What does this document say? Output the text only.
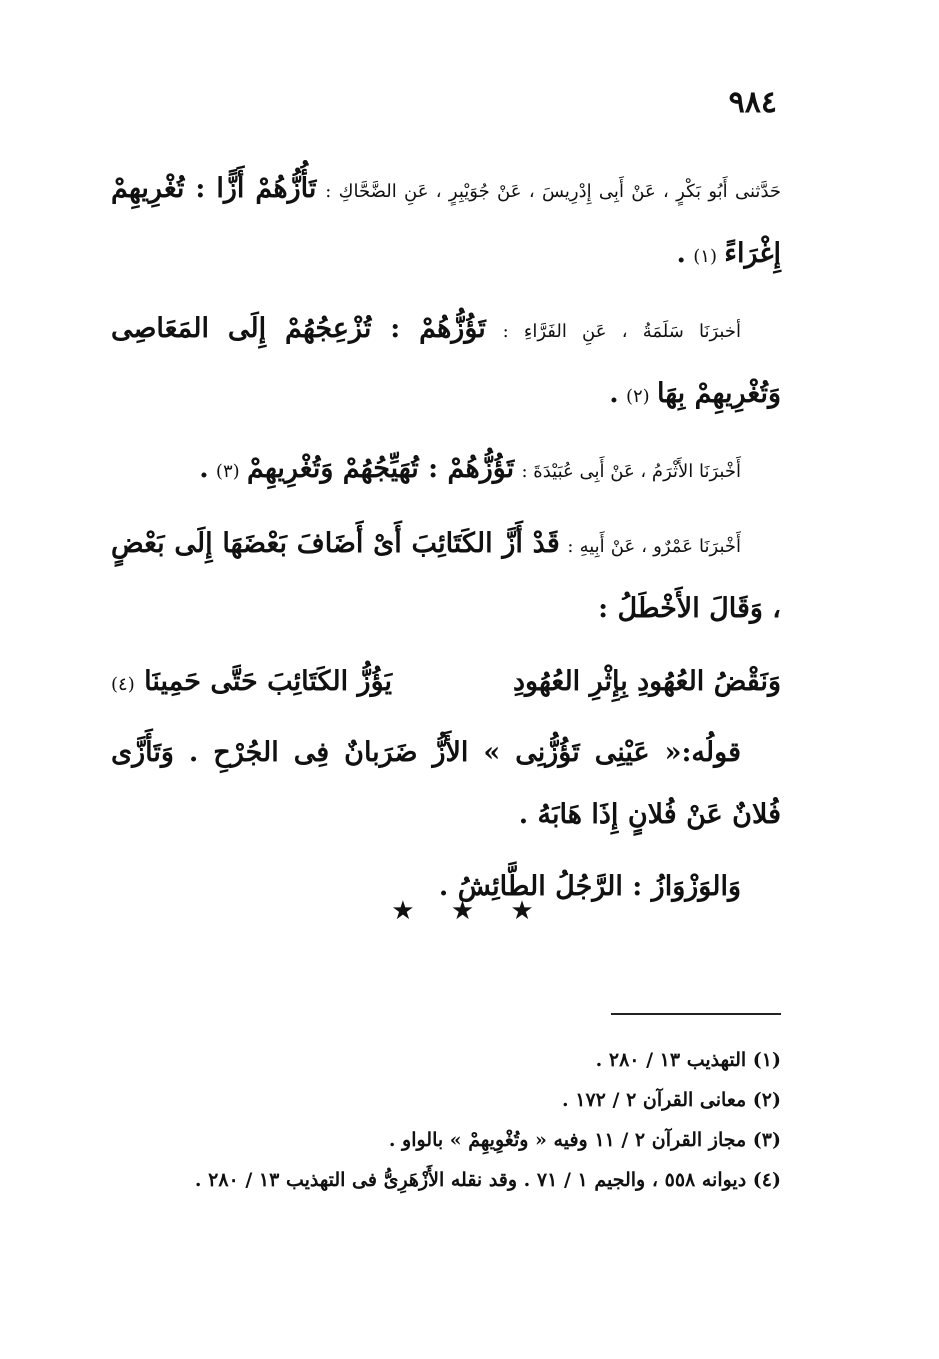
٩٨٤

حَدَّثنى أَبُو بَكْرٍ ، عَنْ أَبِى إِدْرِيسَ ، عَنْ جُوَيْبِرٍ ، عَنِ الضَّحَّاكِ : تَأُزُّهُمْ أَزًّا : تُغْرِيهِمْ إِغْرَاءً (١) .

أخبرَنَا سَلَمَةُ ، عَنِ الفَرَّاءِ : تَؤُزُّهُمْ : تُزْعِجُهُمْ إِلَى المَعَاصِى وَتُغْرِيهِمْ بِهَا (٢) .

أَخْبرَنَا الأَثْرَمُ ، عَنْ أَبِى عُبَيْدَةَ : تَؤُزُّهُمْ : تُهَيِّجُهُمْ وَتُغْرِيهِمْ (٣) .

أَخْبرَنَا عَمْرٌو ، عَنْ أَبِيهِ : قَدْ أَزَّ الكَتَائِبَ أَىْ أَضَافَ بَعْضَهَا إِلَى بَعْضٍ ، وَقَالَ الأَخْطَلُ :

وَنَقْضُ العُهُودِ بِإِثْرِ العُهُودِ
يَؤُزُّ الكَتَائِبَ حَتَّى حَمِينَا (٤)

قولُه:« عَيْنِى تَؤُزُّنِى » الأَزُّ ضَرَبانٌ فِى الجُرْحِ . وَتَأَزَّى فُلانٌ عَنْ فُلانٍ إِذَا هَابَهُ .

وَالوَزْوَازُ : الرَّجُلُ الطَّائِشُ .

★ ★ ★

(١) التهذيب ١٣ / ٢٨٠ .

(٢) معانى القرآن ٢ / ١٧٢ .

(٣) مجاز القرآن ٢ / ١١ وفيه « وتُغْوِيهِمْ » بالواو .

(٤) ديوانه ٥٥٨ ، والجيم ١ / ٧١ . وقد نقله الأَزْهَرِىُّ فى التهذيب ١٣ / ٢٨٠ .
